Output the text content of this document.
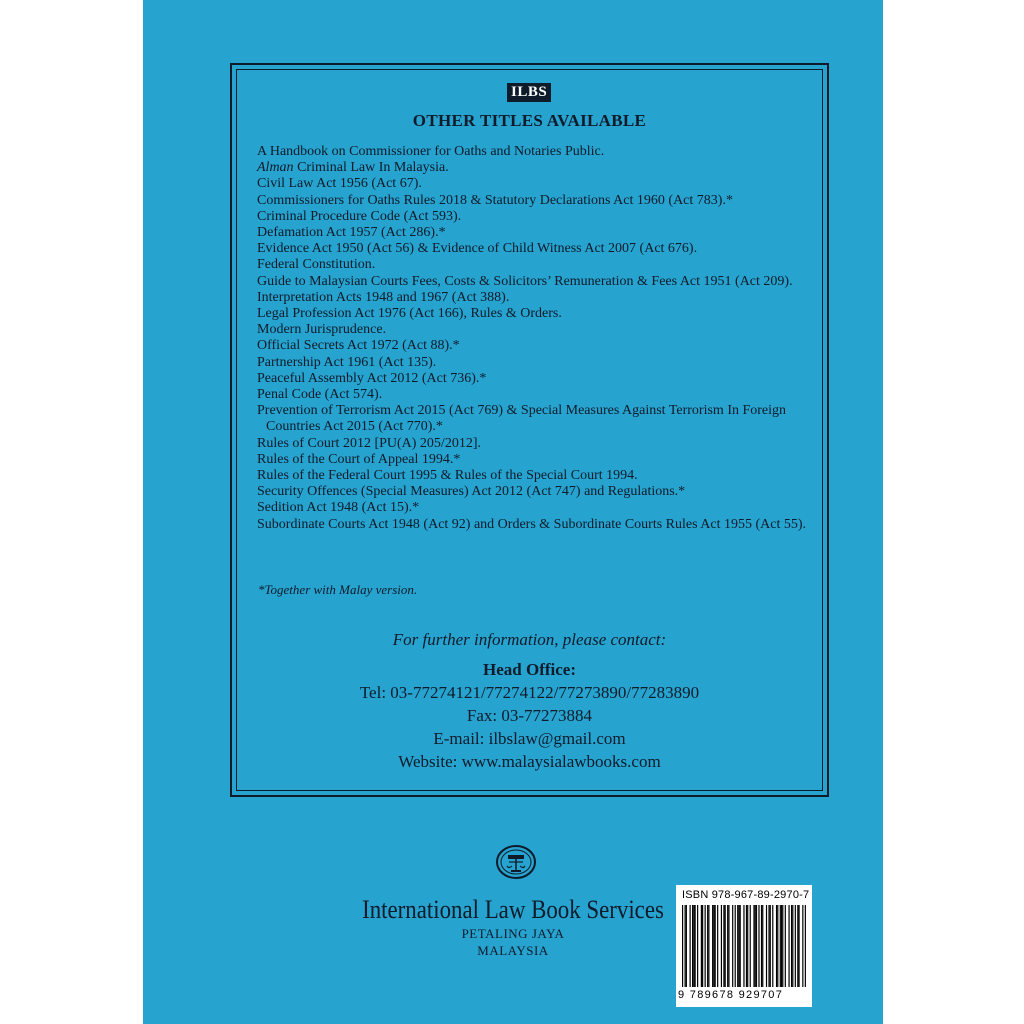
ILBS
OTHER TITLES AVAILABLE
A Handbook on Commissioner for Oaths and Notaries Public.
Alman Criminal Law In Malaysia.
Civil Law Act 1956 (Act 67).
Commissioners for Oaths Rules 2018 & Statutory Declarations Act 1960 (Act 783).*
Criminal Procedure Code (Act 593).
Defamation Act 1957 (Act 286).*
Evidence Act 1950 (Act 56) & Evidence of Child Witness Act 2007 (Act 676).
Federal Constitution.
Guide to Malaysian Courts Fees, Costs & Solicitors’ Remuneration & Fees Act 1951 (Act 209).
Interpretation Acts 1948 and 1967 (Act 388).
Legal Profession Act 1976 (Act 166), Rules & Orders.
Modern Jurisprudence.
Official Secrets Act 1972 (Act 88).*
Partnership Act 1961 (Act 135).
Peaceful Assembly Act 2012 (Act 736).*
Penal Code (Act 574).
Prevention of Terrorism Act 2015 (Act 769) & Special Measures Against Terrorism In Foreign Countries Act 2015 (Act 770).*
Rules of Court 2012 [PU(A) 205/2012].
Rules of the Court of Appeal 1994.*
Rules of the Federal Court 1995 & Rules of the Special Court 1994.
Security Offences (Special Measures) Act 2012 (Act 747) and Regulations.*
Sedition Act 1948 (Act 15).*
Subordinate Courts Act 1948 (Act 92) and Orders & Subordinate Courts Rules Act 1955 (Act 55).
*Together with Malay version.
For further information, please contact:
Head Office:
Tel: 03-77274121/77274122/77273890/77283890
Fax: 03-77273884
E-mail: ilbslaw@gmail.com
Website: www.malaysialawbooks.com
International Law Book Services
PETALING JAYA
MALAYSIA
ISBN 978-967-89-2970-7
9 789678 929707
